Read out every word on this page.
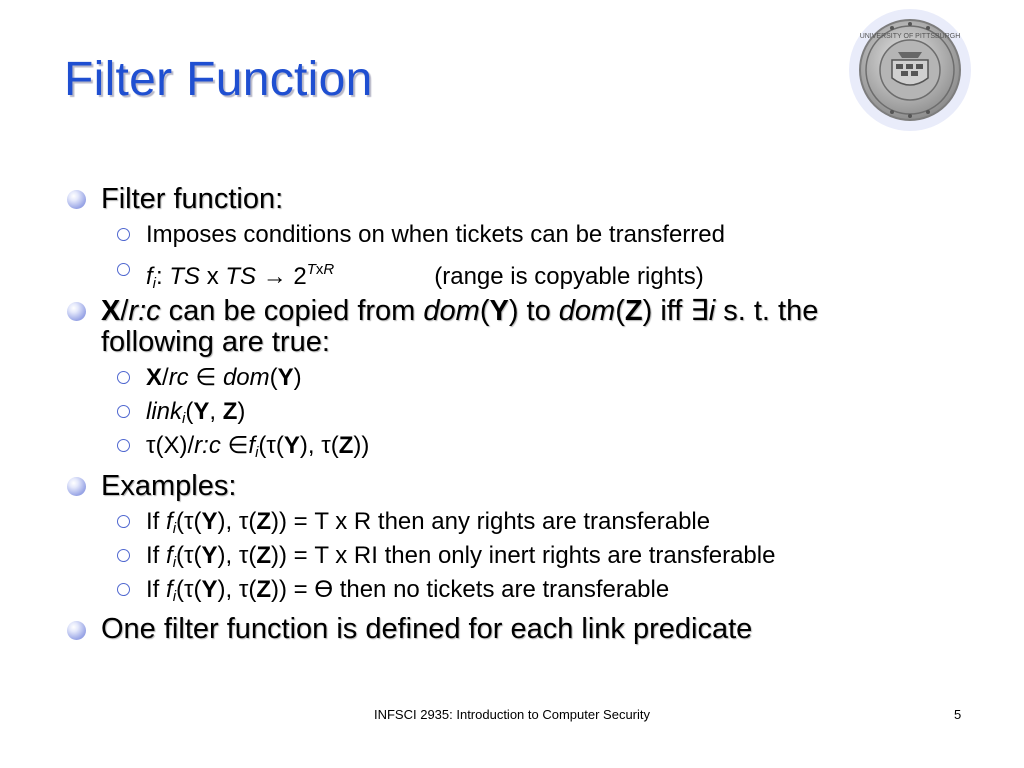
Filter Function
UNIVERSITY OF PITTSBURGH
Filter function:
Imposes conditions on when tickets can be transferred
$f_i$: TS x TS → $2^{TxR}$	(range is copyable rights)
X/r:c can be copied from dom(Y) to dom(Z) iff ∃i s. t. the
following are true:
X/rc ∈ dom(Y)
link$_i$(Y, Z)
τ(X)/r:c $\in f_i(\tau(Y)$, τ(Z))
Examples:
If $f_i(\tau(Y)$, τ(Z)) = T x R then any rights are transferable
If $f_i(\tau(Y)$, τ(Z)) = T x RI then only inert rights are transferable
If $f_i(\tau(Y)$, τ(Z)) = ϴ then no tickets are transferable
One filter function is defined for each link predicate
INFSCI 2935: Introduction to Computer Security	5
